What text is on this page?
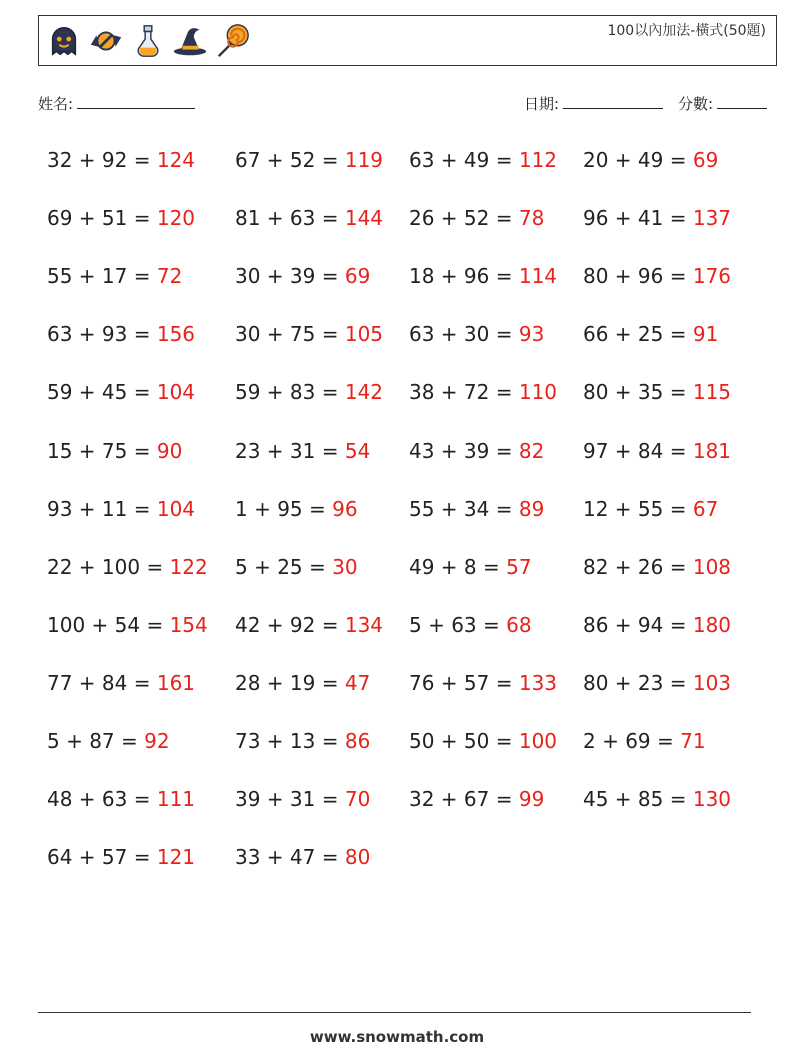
100以內加法-橫式(50題)
姓名:	日期:	分數:
32 + 92 = 124
69 + 51 = 120
55 + 17 = 72
63 + 93 = 156
59 + 45 = 104
15 + 75 = 90
93 + 11 = 104
22 + 100 = 122
100 + 54 = 154
77 + 84 = 161
5 + 87 = 92
48 + 63 = 111
64 + 57 = 121
67 + 52 = 119
81 + 63 = 144
30 + 39 = 69
30 + 75 = 105
59 + 83 = 142
23 + 31 = 54
1 + 95 = 96
5 + 25 = 30
42 + 92 = 134
28 + 19 = 47
73 + 13 = 86
39 + 31 = 70
33 + 47 = 80
63 + 49 = 112
26 + 52 = 78
18 + 96 = 114
63 + 30 = 93
38 + 72 = 110
43 + 39 = 82
55 + 34 = 89
49 + 8 = 57
5 + 63 = 68
76 + 57 = 133
50 + 50 = 100
32 + 67 = 99
20 + 49 = 69
96 + 41 = 137
80 + 96 = 176
66 + 25 = 91
80 + 35 = 115
97 + 84 = 181
12 + 55 = 67
82 + 26 = 108
86 + 94 = 180
80 + 23 = 103
2 + 69 = 71
45 + 85 = 130
www.snowmath.com
